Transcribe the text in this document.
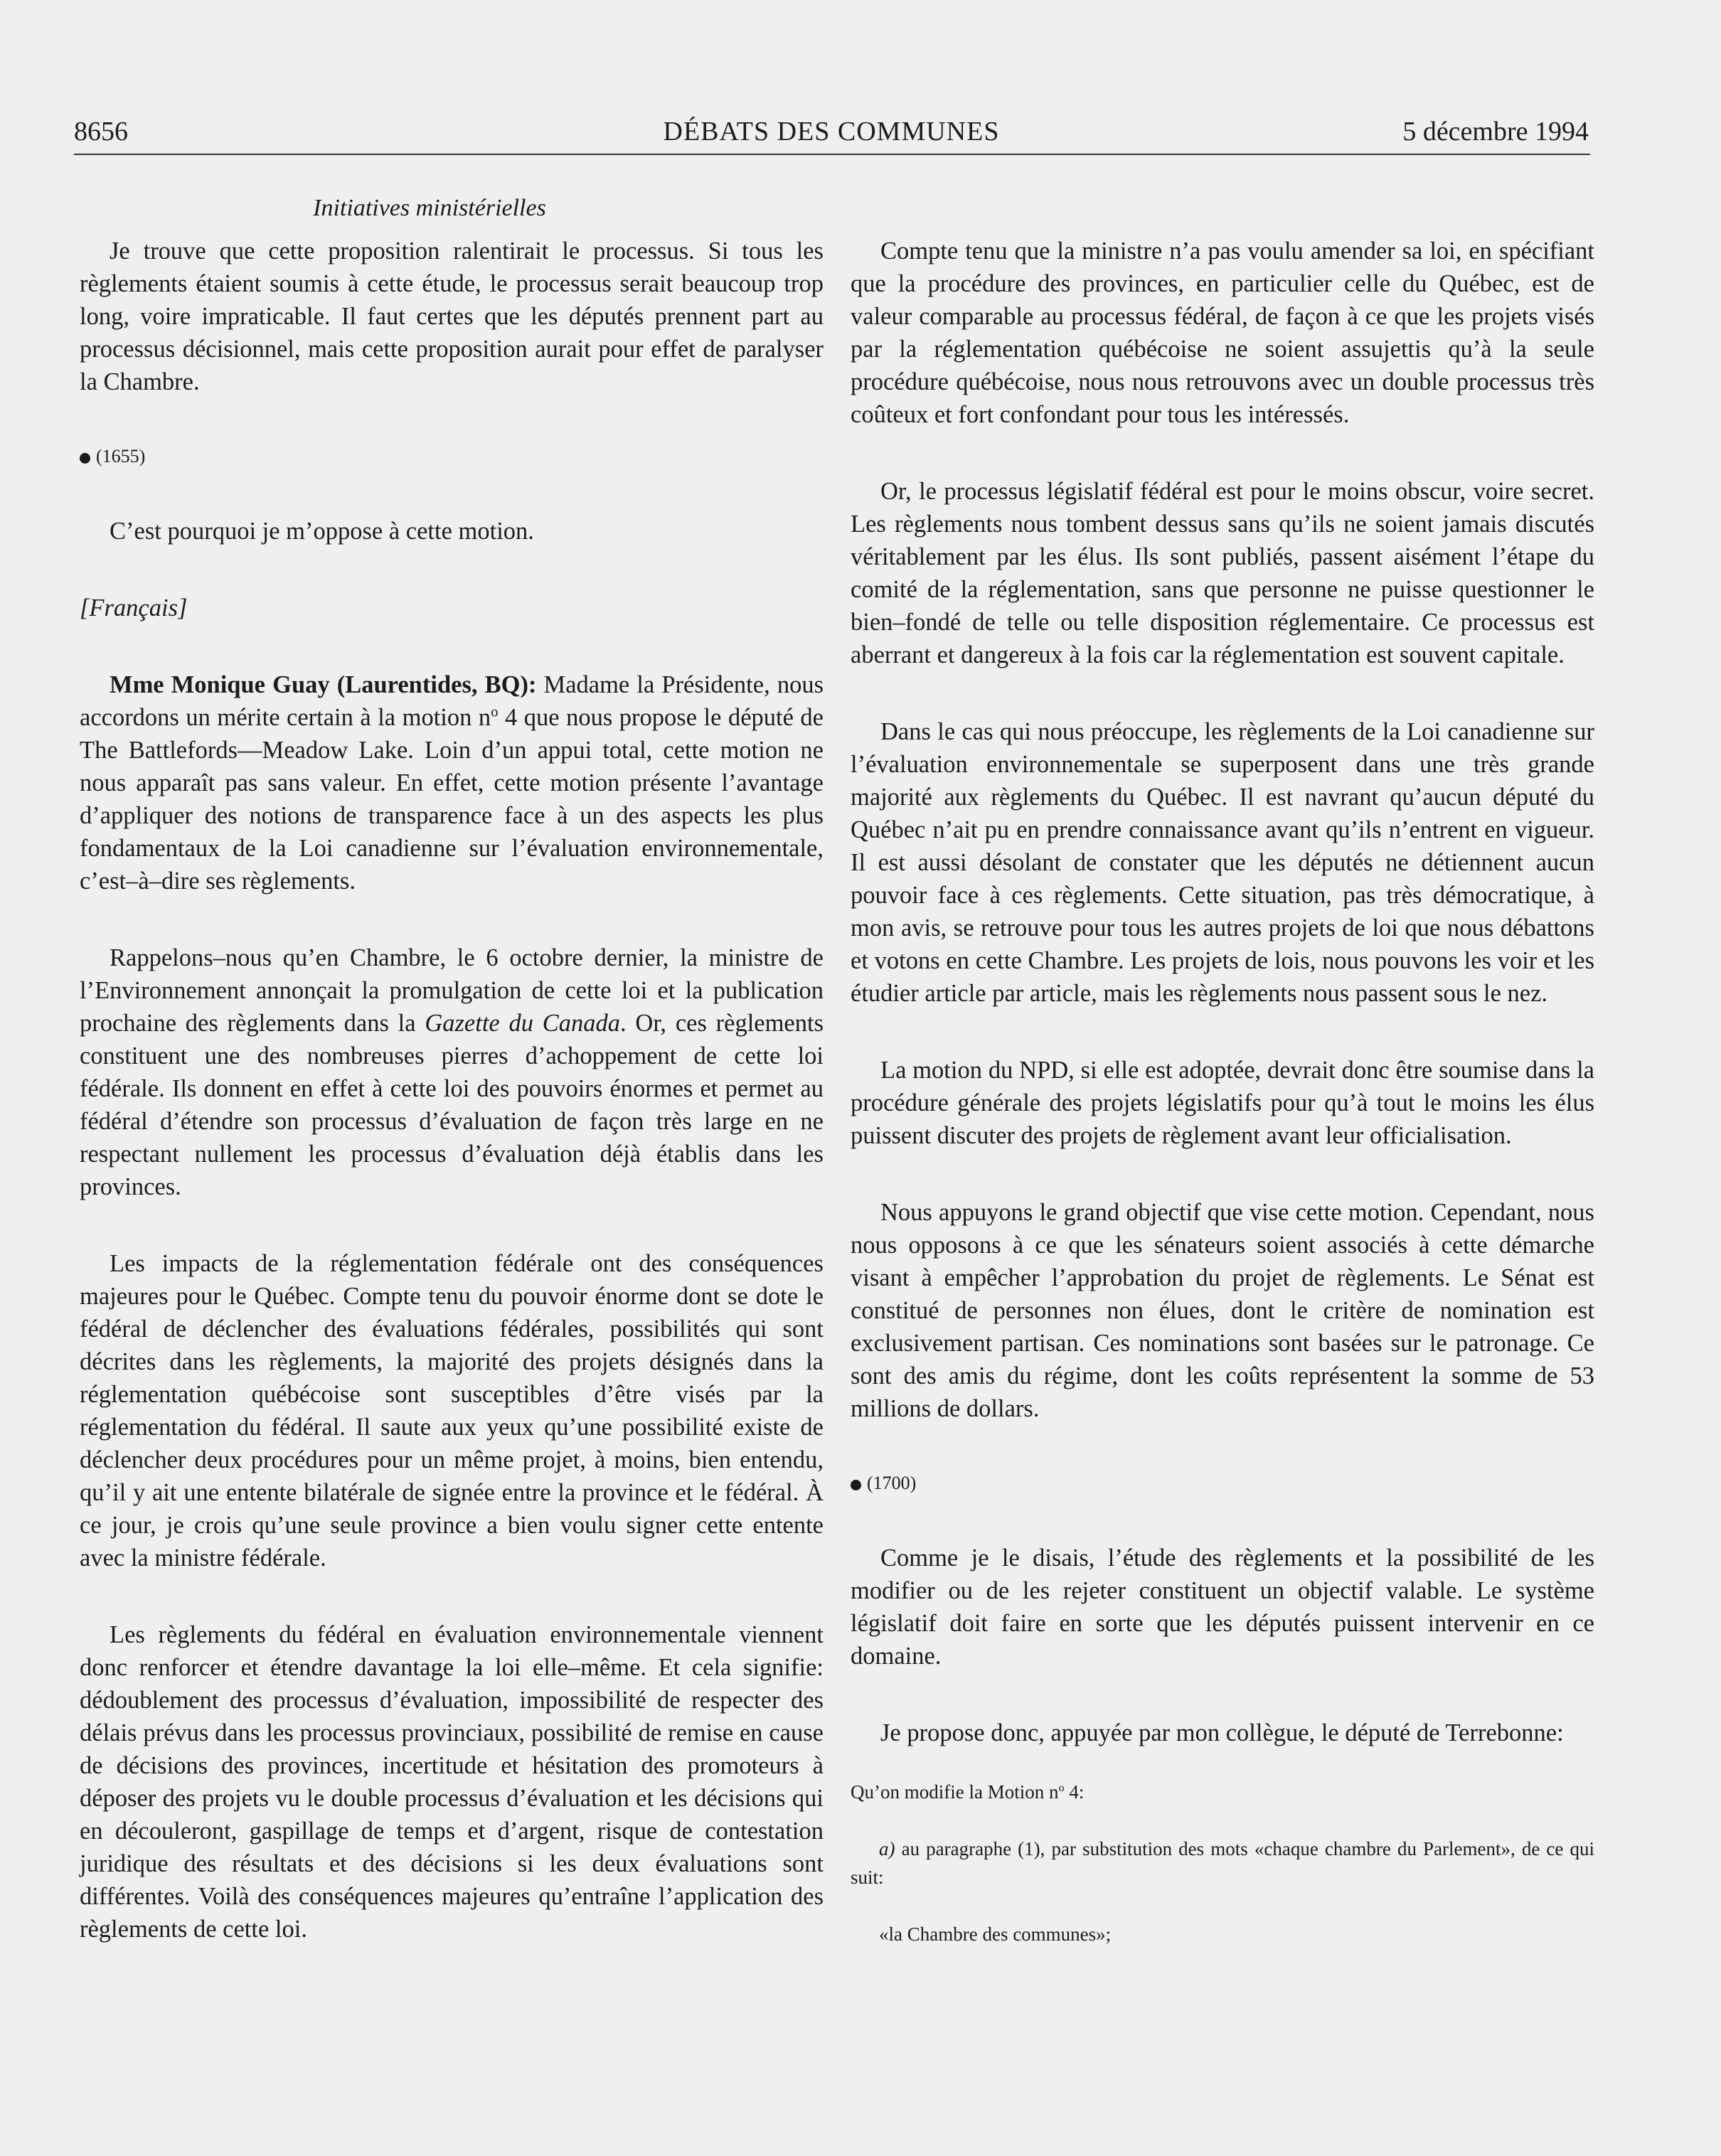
8656	DÉBATS DES COMMUNES	5 décembre 1994
Initiatives ministérielles

Je trouve que cette proposition ralentirait le processus. Si tous les règlements étaient soumis à cette étude, le processus serait beaucoup trop long, voire impraticable. Il faut certes que les députés prennent part au processus décisionnel, mais cette proposition aurait pour effet de paralyser la Chambre.

(1655)

C’est pourquoi je m’oppose à cette motion.

[Français]

Mme Monique Guay (Laurentides, BQ): Madame la Présidente, nous accordons un mérite certain à la motion $n^o$ 4 que nous propose le député de The Battlefords—Meadow Lake. Loin d’un appui total, cette motion ne nous apparaît pas sans valeur. En effet, cette motion présente l’avantage d’appliquer des notions de transparence face à un des aspects les plus fondamentaux de la Loi canadienne sur l’évaluation environnementale, c’est–à–dire ses règlements.

Rappelons–nous qu’en Chambre, le 6 octobre dernier, la ministre de l’Environnement annonçait la promulgation de cette loi et la publication prochaine des règlements dans la Gazette du Canada. Or, ces règlements constituent une des nombreuses pierres d’achoppement de cette loi fédérale. Ils donnent en effet à cette loi des pouvoirs énormes et permet au fédéral d’étendre son processus d’évaluation de façon très large en ne respectant nullement les processus d’évaluation déjà établis dans les provinces.

Les impacts de la réglementation fédérale ont des conséquences majeures pour le Québec. Compte tenu du pouvoir énorme dont se dote le fédéral de déclencher des évaluations fédérales, possibilités qui sont décrites dans les règlements, la majorité des projets désignés dans la réglementation québécoise sont susceptibles d’être visés par la réglementation du fédéral. Il saute aux yeux qu’une possibilité existe de déclencher deux procédures pour un même projet, à moins, bien entendu, qu’il y ait une entente bilatérale de signée entre la province et le fédéral. À ce jour, je crois qu’une seule province a bien voulu signer cette entente avec la ministre fédérale.

Les règlements du fédéral en évaluation environnementale viennent donc renforcer et étendre davantage la loi elle–même. Et cela signifie: dédoublement des processus d’évaluation, impossibilité de respecter des délais prévus dans les processus provinciaux, possibilité de remise en cause de décisions des provinces, incertitude et hésitation des promoteurs à déposer des projets vu le double processus d’évaluation et les décisions qui en découleront, gaspillage de temps et d’argent, risque de contestation juridique des résultats et des décisions si les deux évaluations sont différentes. Voilà des conséquences majeures qu’entraîne l’application des règlements de cette loi.

Compte tenu que la ministre n’a pas voulu amender sa loi, en spécifiant que la procédure des provinces, en particulier celle du Québec, est de valeur comparable au processus fédéral, de façon à ce que les projets visés par la réglementation québécoise ne soient assujettis qu’à la seule procédure québécoise, nous nous retrouvons avec un double processus très coûteux et fort confondant pour tous les intéressés.

Or, le processus législatif fédéral est pour le moins obscur, voire secret. Les règlements nous tombent dessus sans qu’ils ne soient jamais discutés véritablement par les élus. Ils sont publiés, passent aisément l’étape du comité de la réglementation, sans que personne ne puisse questionner le bien–fondé de telle ou telle disposition réglementaire. Ce processus est aberrant et dangereux à la fois car la réglementation est souvent capitale.

Dans le cas qui nous préoccupe, les règlements de la Loi canadienne sur l’évaluation environnementale se superposent dans une très grande majorité aux règlements du Québec. Il est navrant qu’aucun député du Québec n’ait pu en prendre connaissance avant qu’ils n’entrent en vigueur. Il est aussi désolant de constater que les députés ne détiennent aucun pouvoir face à ces règlements. Cette situation, pas très démocratique, à mon avis, se retrouve pour tous les autres projets de loi que nous débattons et votons en cette Chambre. Les projets de lois, nous pouvons les voir et les étudier article par article, mais les règlements nous passent sous le nez.

La motion du NPD, si elle est adoptée, devrait donc être soumise dans la procédure générale des projets législatifs pour qu’à tout le moins les élus puissent discuter des projets de règlement avant leur officialisation.

Nous appuyons le grand objectif que vise cette motion. Cependant, nous nous opposons à ce que les sénateurs soient associés à cette démarche visant à empêcher l’approbation du projet de règlements. Le Sénat est constitué de personnes non élues, dont le critère de nomination est exclusivement partisan. Ces nominations sont basées sur le patronage. Ce sont des amis du régime, dont les coûts représentent la somme de 53 millions de dollars.

(1700)

Comme je le disais, l’étude des règlements et la possibilité de les modifier ou de les rejeter constituent un objectif valable. Le système législatif doit faire en sorte que les députés puissent intervenir en ce domaine.

Je propose donc, appuyée par mon collègue, le député de Terrebonne:

Qu’on modifie la Motion $n^o$ 4:
a) au paragraphe (1), par substitution des mots «chaque chambre du Parlement», de ce qui suit:
«la Chambre des communes»;
